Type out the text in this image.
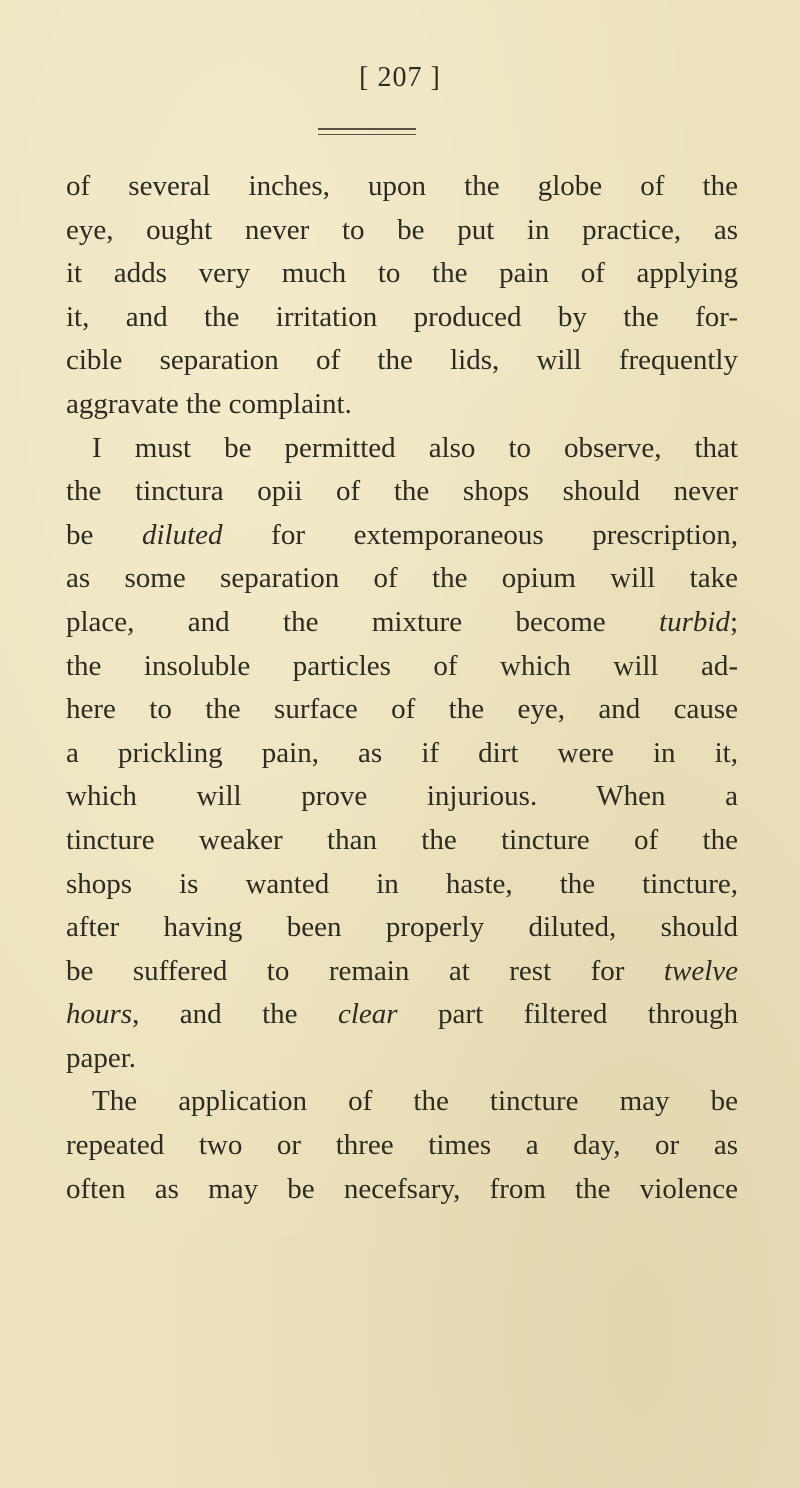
[ 207 ]
of several inches, upon the globe of the
eye, ought never to be put in practice, as
it adds very much to the pain of applying
it, and the irritation produced by the for-
cible separation of the lids, will frequently
aggravate the complaint.
I must be permitted also to observe, that
the tinctura opii of the shops should never
be diluted for extemporaneous prescription,
as some separation of the opium will take
place, and the mixture become turbid;
the insoluble particles of which will ad-
here to the surface of the eye, and cause
a prickling pain, as if dirt were in it,
which will prove injurious. When a
tincture weaker than the tincture of the
shops is wanted in haste, the tincture,
after having been properly diluted, should
be suffered to remain at rest for twelve
hours, and the clear part filtered through
paper.
The application of the tincture may be
repeated two or three times a day, or as
often as may be necefsary, from the violence
